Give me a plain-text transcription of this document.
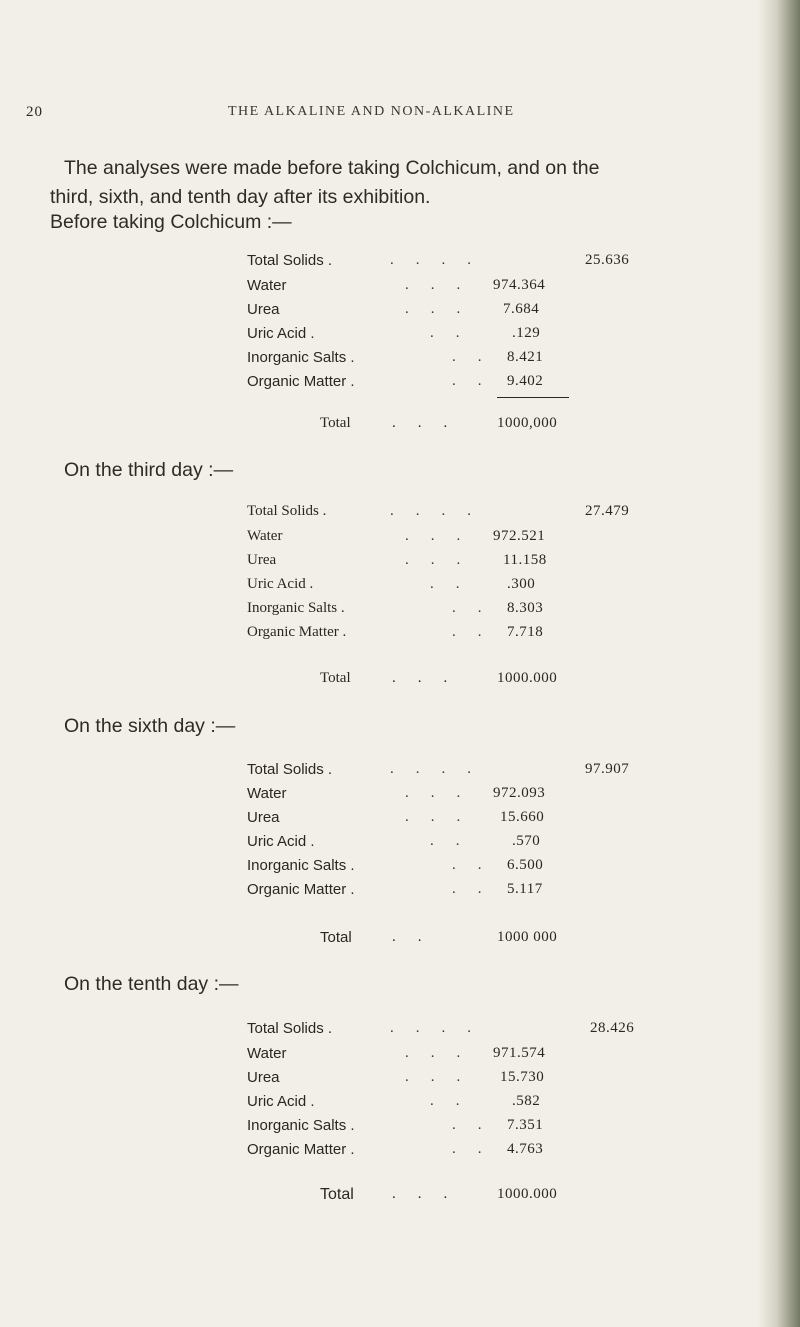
20	THE ALKALINE AND NON-ALKALINE

The analyses were made before taking Colchicum, and on the

third, sixth, and tenth day after its exhibition.

Before taking Colchicum :—
Total Solids .	....	25.636
Water	... 974.364
Urea	... 7.684
Uric Acid .	.. .129
Inorganic Salts .	.. 8.421
Organic Matter .	.. 9.402
Total	... 1000,000
On the third day :—
Total Solids .	....	27.479
Water	... 972.521
Urea	... 11.158
Uric Acid .	.. .300
Inorganic Salts .	.. 8.303
Organic Matter .	.. 7.718
Total	... 1000.000
On the sixth day :—
Total Solids .	....	97.907
Water	... 972.093
Urea	... 15.660
Uric Acid .	.. .570
Inorganic Salts .	.. 6.500
Organic Matter .	.. 5.117
Total	..	1000 000
On the tenth day :—
Total Solids .	....	28.426
Water	... 971.574
Urea	... 15.730
Uric Acid .	.. .582
Inorganic Salts .	.. 7.351
Organic Matter .	.. 4.763
Total	... 1000.000
